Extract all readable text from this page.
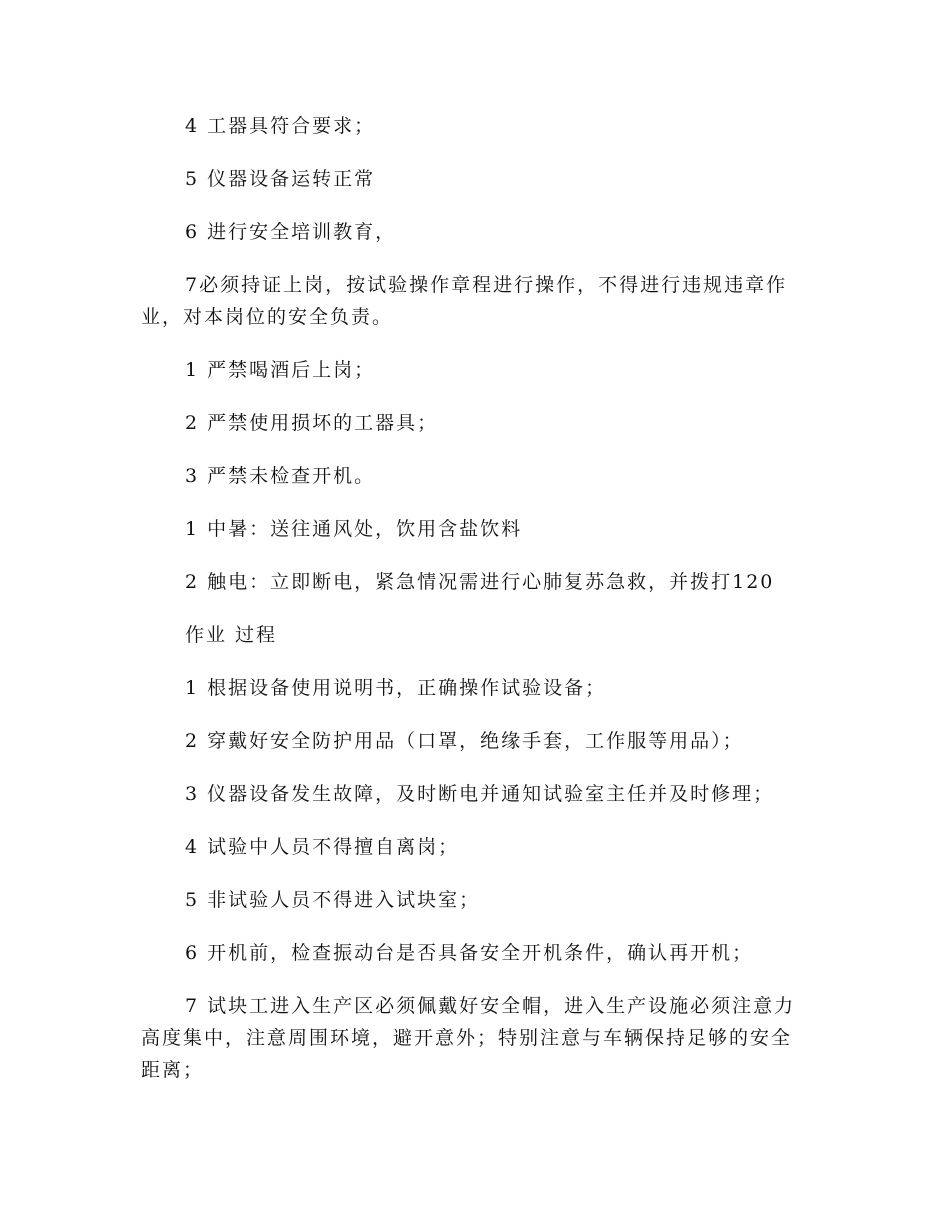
4 工器具符合要求；

5 仪器设备运转正常

6 进行安全培训教育，

7必须持证上岗，按试验操作章程进行操作，不得进行违规违章作业，对本岗位的安全负责。

1 严禁喝酒后上岗；

2 严禁使用损坏的工器具；

3 严禁未检查开机。

1 中暑：送往通风处，饮用含盐饮料

2 触电：立即断电，紧急情况需进行心肺复苏急救，并拨打120

作业 过程

1 根据设备使用说明书，正确操作试验设备；

2 穿戴好安全防护用品（口罩，绝缘手套，工作服等用品）；

3 仪器设备发生故障，及时断电并通知试验室主任并及时修理；

4 试验中人员不得擅自离岗；

5 非试验人员不得进入试块室；

6 开机前，检查振动台是否具备安全开机条件，确认再开机；

7 试块工进入生产区必须佩戴好安全帽，进入生产设施必须注意力高度集中，注意周围环境，避开意外；特别注意与车辆保持足够的安全距离；
